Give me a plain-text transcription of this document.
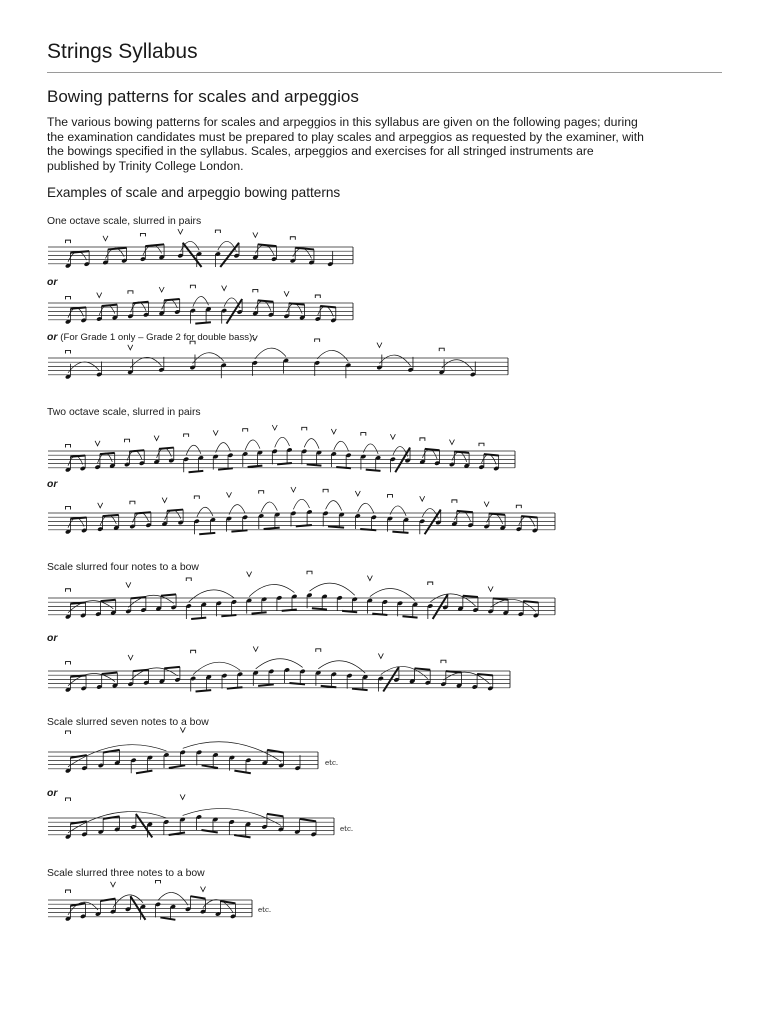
Strings Syllabus
Bowing patterns for scales and arpeggios

The various bowing patterns for scales and arpeggios in this syllabus are given on the following pages; during the examination candidates must be prepared to play scales and arpeggios as requested by the examiner, with the bowings specified in the syllabus. Scales, arpeggios and exercises for all stringed instruments are published by Trinity College London.

Examples of scale and arpeggio bowing patterns

One octave scale, slurred in pairs

or

or (For Grade 1 only – Grade 2 for double bass):

Two octave scale, slurred in pairs

or

Scale slurred four notes to a bow

or

Scale slurred seven notes to a bow

or

Scale slurred three notes to a bow

etc.
etc.
etc.
